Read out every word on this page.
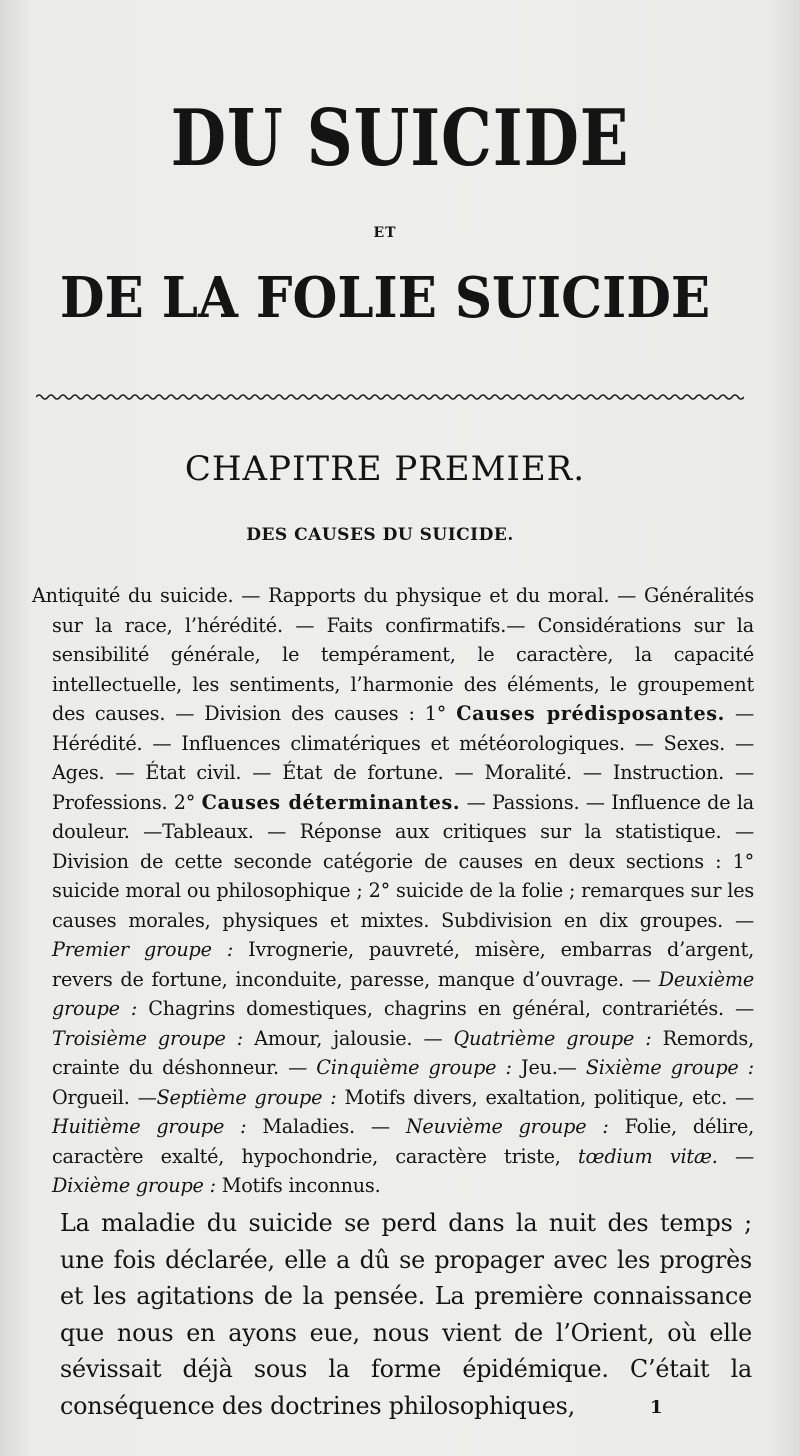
DU SUICIDE
ET
DE LA FOLIE SUICIDE
CHAPITRE PREMIER.
DES CAUSES DU SUICIDE.
Antiquité du suicide. — Rapports du physique et du moral. — Généralités sur la race, l’hérédité. — Faits confirmatifs.— Considérations sur la sensibilité générale, le tempérament, le caractère, la capacité intellectuelle, les sentiments, l’harmonie des éléments, le groupement des causes. — Division des causes : 1° Causes prédisposantes. — Hérédité. — Influences climatériques et météorologiques. — Sexes. — Ages. — État civil. — État de fortune. — Moralité. — Instruction. — Professions. 2° Causes déterminantes. — Passions. — Influence de la douleur. —Tableaux. — Réponse aux critiques sur la statistique. — Division de cette seconde catégorie de causes en deux sections : 1° suicide moral ou philosophique ; 2° suicide de la folie ; remarques sur les causes morales, physiques et mixtes. Subdivision en dix groupes. — Premier groupe : Ivrognerie, pauvreté, misère, embarras d’argent, revers de fortune, inconduite, paresse, manque d’ouvrage. — Deuxième groupe : Chagrins domestiques, chagrins en général, contrariétés. — Troisième groupe : Amour, jalousie. — Quatrième groupe : Remords, crainte du déshonneur. — Cinquième groupe : Jeu.— Sixième groupe : Orgueil. —Septième groupe : Motifs divers, exaltation, politique, etc. — Huitième groupe : Maladies. — Neuvième groupe : Folie, délire, caractère exalté, hypochondrie, caractère triste, tœdium vitæ. — Dixième groupe : Motifs inconnus.
La maladie du suicide se perd dans la nuit des temps ; une fois déclarée, elle a dû se propager avec les progrès et les agitations de la pensée. La première connaissance que nous en ayons eue, nous vient de l’Orient, où elle sévissait déjà sous la forme épidémique. C’était la conséquence des doctrines philosophiques,	1
